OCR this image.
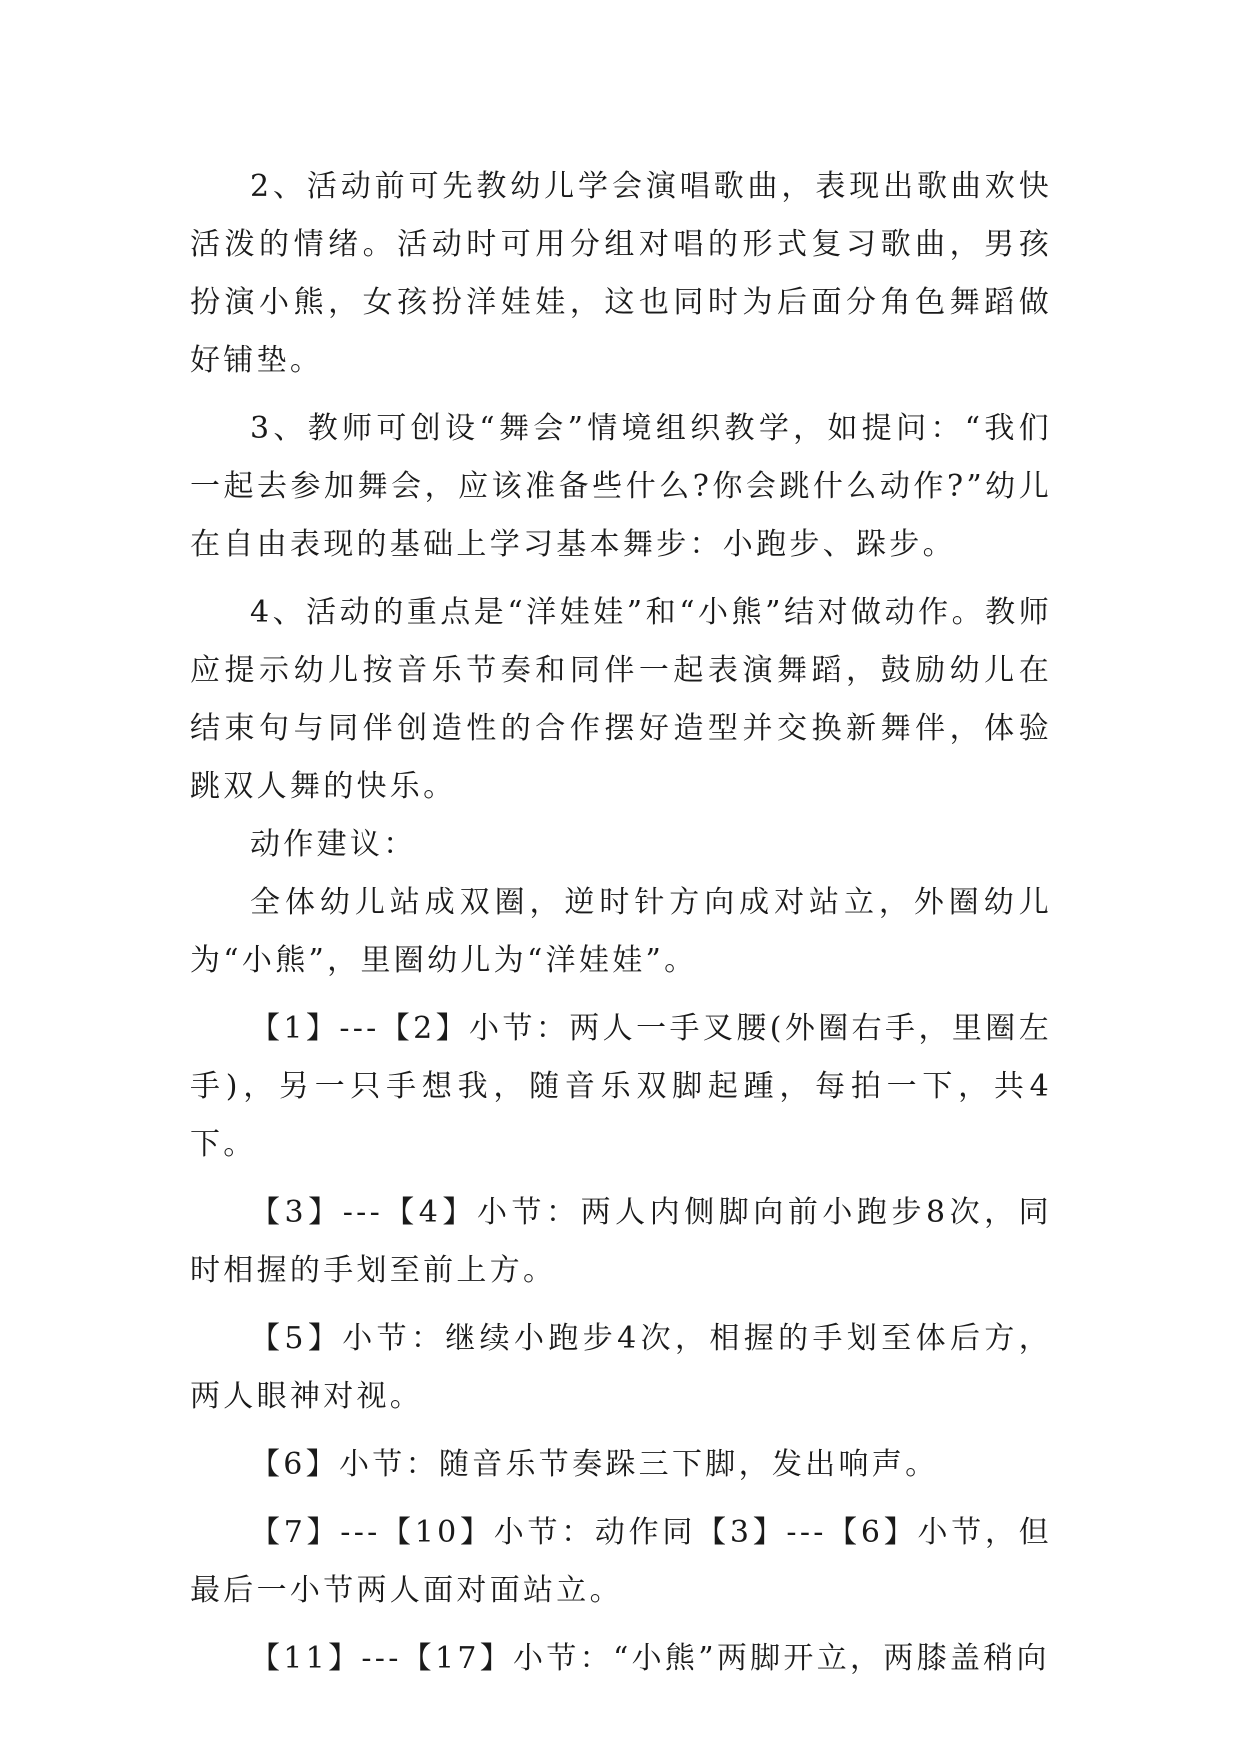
2、活动前可先教幼儿学会演唱歌曲，表现出歌曲欢快活泼的情绪。活动时可用分组对唱的形式复习歌曲，男孩扮演小熊，女孩扮洋娃娃，这也同时为后面分角色舞蹈做好铺垫。

3、教师可创设“舞会”情境组织教学，如提问：“我们一起去参加舞会，应该准备些什么?你会跳什么动作?”幼儿在自由表现的基础上学习基本舞步：小跑步、跺步。

4、活动的重点是“洋娃娃”和“小熊”结对做动作。教师应提示幼儿按音乐节奏和同伴一起表演舞蹈，鼓励幼儿在结束句与同伴创造性的合作摆好造型并交换新舞伴，体验跳双人舞的快乐。

动作建议：

全体幼儿站成双圈，逆时针方向成对站立，外圈幼儿为“小熊”，里圈幼儿为“洋娃娃”。

【1】---【2】小节：两人一手叉腰(外圈右手，里圈左手)，另一只手想我，随音乐双脚起踵，每拍一下，共4下。

【3】---【4】小节：两人内侧脚向前小跑步8次，同时相握的手划至前上方。

【5】小节：继续小跑步4次，相握的手划至体后方，两人眼神对视。

【6】小节：随音乐节奏跺三下脚，发出响声。

【7】---【10】小节：动作同【3】---【6】小节，但最后一小节两人面对面站立。

【11】---【17】小节：“小熊”两脚开立，两膝盖稍向
